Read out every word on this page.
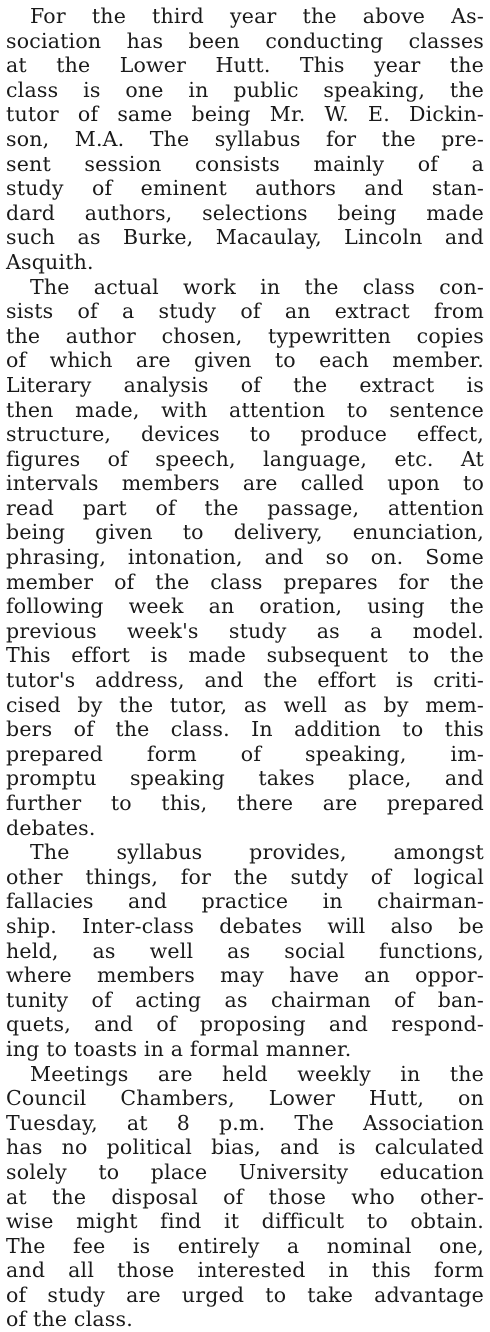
For the third year the above As-
sociation has been conducting classes
at the Lower Hutt. This year the
class is one in public speaking, the
tutor of same being Mr. W. E. Dickin-
son, M.A. The syllabus for the pre-
sent session consists mainly of a
study of eminent authors and stan-
dard authors, selections being made
such as Burke, Macaulay, Lincoln and
Asquith.

The actual work in the class con-
sists of a study of an extract from
the author chosen, typewritten copies
of which are given to each member.
Literary analysis of the extract is
then made, with attention to sentence
structure, devices to produce effect,
figures of speech, language, etc. At
intervals members are called upon to
read part of the passage, attention
being given to delivery, enunciation,
phrasing, intonation, and so on. Some
member of the class prepares for the
following week an oration, using the
previous week's study as a model.
This effort is made subsequent to the
tutor's address, and the effort is criti-
cised by the tutor, as well as by mem-
bers of the class. In addition to this
prepared form of speaking, im-
promptu speaking takes place, and
further to this, there are prepared
debates.

The syllabus provides, amongst
other things, for the sutdy of logical
fallacies and practice in chairman-
ship. Inter-class debates will also be
held, as well as social functions,
where members may have an oppor-
tunity of acting as chairman of ban-
quets, and of proposing and respond-
ing to toasts in a formal manner.

Meetings are held weekly in the
Council Chambers, Lower Hutt, on
Tuesday, at 8 p.m. The Association
has no political bias, and is calculated
solely to place University education
at the disposal of those who other-
wise might find it difficult to obtain.
The fee is entirely a nominal one,
and all those interested in this form
of study are urged to take advantage
of the class.
